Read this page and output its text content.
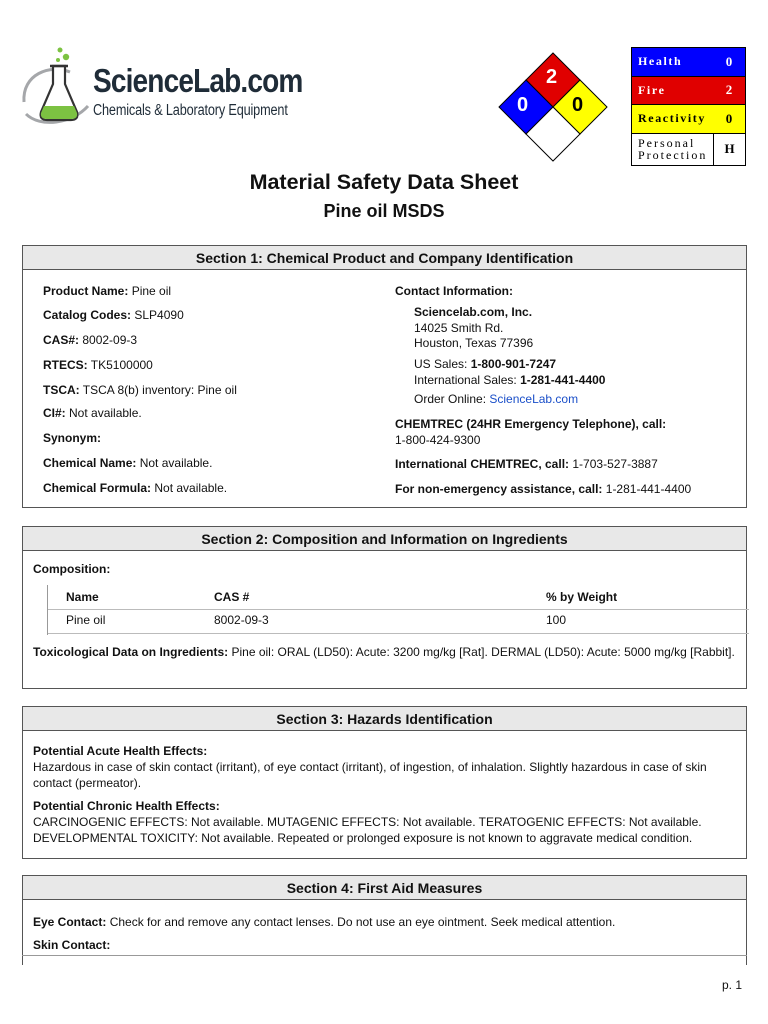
ScienceLab.com
Chemicals & Laboratory Equipment
2
0 0
Health	0
Fire	2
Reactivity	0
Personal
Protection	H
Material Safety Data Sheet
Pine oil MSDS
Section 1: Chemical Product and Company Identification
Product Name: Pine oil
Catalog Codes: SLP4090
CAS#: 8002-09-3
RTECS: TK5100000
TSCA: TSCA 8(b) inventory: Pine oil
CI#: Not available.
Synonym:
Chemical Name: Not available.
Chemical Formula: Not available.
Contact Information:
Sciencelab.com, Inc.
14025 Smith Rd.
Houston, Texas 77396
US Sales: 1-800-901-7247
International Sales: 1-281-441-4400
Order Online: ScienceLab.com
CHEMTREC (24HR Emergency Telephone), call:
1-800-424-9300
International CHEMTREC, call: 1-703-527-3887
For non-emergency assistance, call: 1-281-441-4400
Section 2: Composition and Information on Ingredients
Composition:
Name	CAS #	% by Weight
Pine oil	8002-09-3	100
Toxicological Data on Ingredients: Pine oil: ORAL (LD50): Acute: 3200 mg/kg [Rat]. DERMAL (LD50): Acute: 5000 mg/kg [Rabbit].
Section 3: Hazards Identification
Potential Acute Health Effects:
Hazardous in case of skin contact (irritant), of eye contact (irritant), of ingestion, of inhalation. Slightly hazardous in case of skin contact (permeator).
Potential Chronic Health Effects:
CARCINOGENIC EFFECTS: Not available. MUTAGENIC EFFECTS: Not available. TERATOGENIC EFFECTS: Not available. DEVELOPMENTAL TOXICITY: Not available. Repeated or prolonged exposure is not known to aggravate medical condition.
Section 4: First Aid Measures
Eye Contact: Check for and remove any contact lenses. Do not use an eye ointment. Seek medical attention.
Skin Contact:
p. 1
